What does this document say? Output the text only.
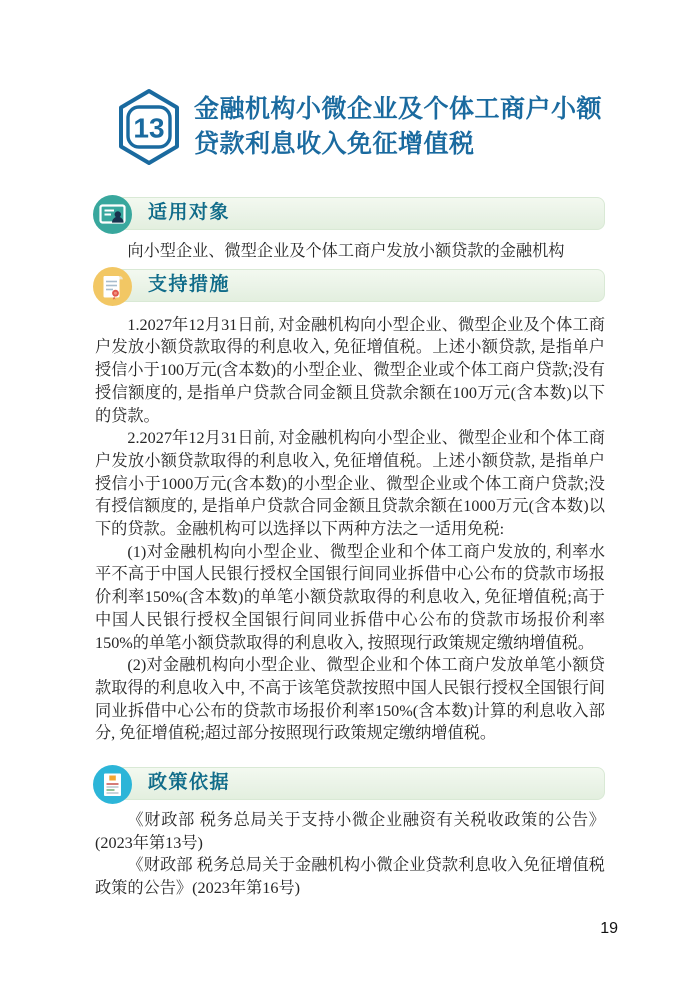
13
金融机构小微企业及个体工商户小额
贷款利息收入免征增值税
适用对象

向小型企业、微型企业及个体工商户发放小额贷款的金融机构

支持措施

1.2027年12月31日前, 对金融机构向小型企业、微型企业及个体工商户发放小额贷款取得的利息收入, 免征增值税。上述小额贷款, 是指单户授信小于100万元(含本数)的小型企业、微型企业或个体工商户贷款;没有授信额度的, 是指单户贷款合同金额且贷款余额在100万元(含本数)以下的贷款。

2.2027年12月31日前, 对金融机构向小型企业、微型企业和个体工商户发放小额贷款取得的利息收入, 免征增值税。上述小额贷款, 是指单户授信小于1000万元(含本数)的小型企业、微型企业或个体工商户贷款;没有授信额度的, 是指单户贷款合同金额且贷款余额在1000万元(含本数)以下的贷款。金融机构可以选择以下两种方法之一适用免税:

(1)对金融机构向小型企业、微型企业和个体工商户发放的, 利率水平不高于中国人民银行授权全国银行间同业拆借中心公布的贷款市场报价利率150%(含本数)的单笔小额贷款取得的利息收入, 免征增值税;高于中国人民银行授权全国银行间同业拆借中心公布的贷款市场报价利率150%的单笔小额贷款取得的利息收入, 按照现行政策规定缴纳增值税。

(2)对金融机构向小型企业、微型企业和个体工商户发放单笔小额贷款取得的利息收入中, 不高于该笔贷款按照中国人民银行授权全国银行间同业拆借中心公布的贷款市场报价利率150%(含本数)计算的利息收入部分, 免征增值税;超过部分按照现行政策规定缴纳增值税。

政策依据

《财政部 税务总局关于支持小微企业融资有关税收政策的公告》(2023年第13号)

《财政部 税务总局关于金融机构小微企业贷款利息收入免征增值税政策的公告》(2023年第16号)

19
